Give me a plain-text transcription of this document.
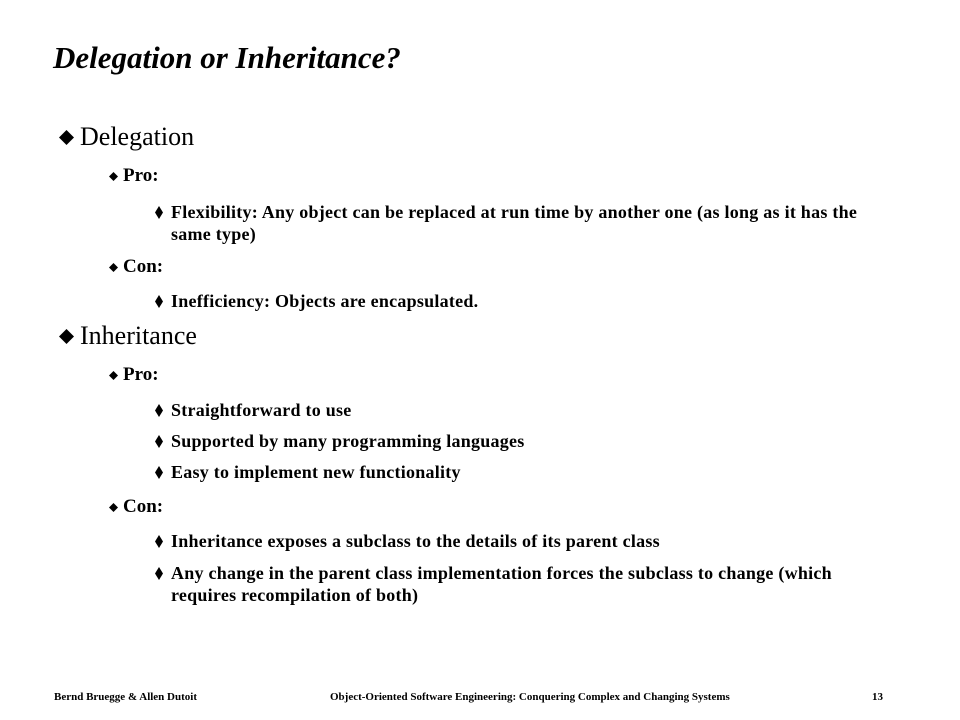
Delegation or Inheritance?
Delegation
Pro:
Flexibility: Any object can be replaced at run time by another one (as long as it has the same type)
Con:
Inefficiency: Objects are encapsulated.
Inheritance
Pro:
Straightforward to use
Supported by many programming languages
Easy to implement new functionality
Con:
Inheritance exposes a subclass to the details of its parent class
Any change in the parent class implementation forces the subclass to change (which requires recompilation of both)
Bernd Bruegge & Allen Dutoit	Object-Oriented Software Engineering: Conquering Complex and Changing Systems	13
